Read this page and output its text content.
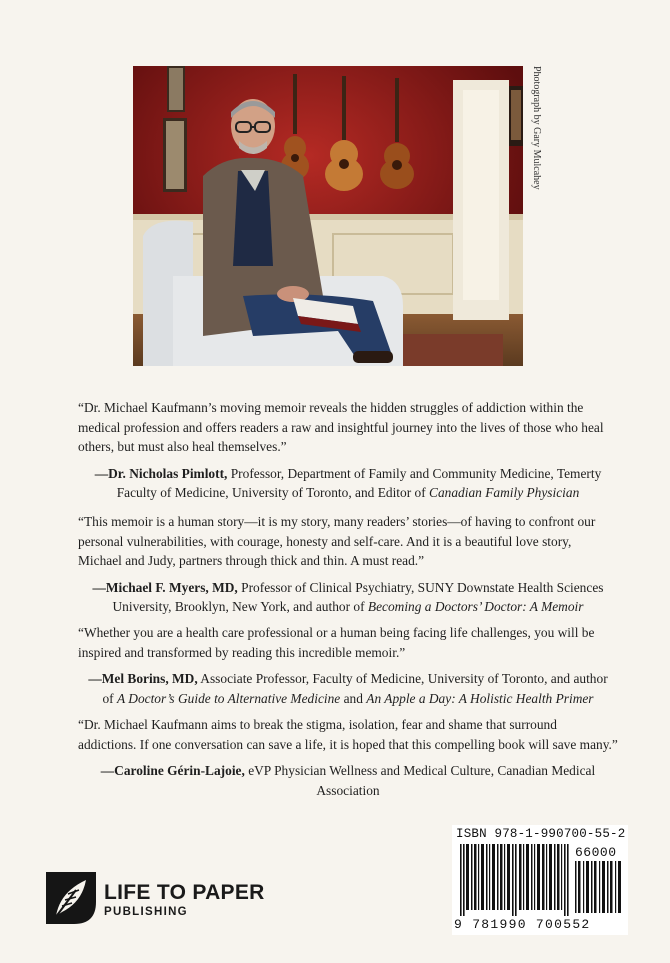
Photograph by Gary Mulcahey

“Dr. Michael Kaufmann’s moving memoir reveals the hidden struggles of addiction within the medical profession and offers readers a raw and insightful journey into the lives of those who heal others, but must also heal themselves.”

—Dr. Nicholas Pimlott, Professor, Department of Family and Community Medicine, Temerty Faculty of Medicine, University of Toronto, and Editor of Canadian Family Physician

“This memoir is a human story—it is my story, many readers’ stories—of having to confront our personal vulnerabilities, with courage, honesty and self-care. And it is a beautiful love story, Michael and Judy, partners through thick and thin. A must read.”

—Michael F. Myers, MD, Professor of Clinical Psychiatry, SUNY Downstate Health Sciences University, Brooklyn, New York, and author of Becoming a Doctors’ Doctor: A Memoir

“Whether you are a health care professional or a human being facing life challenges, you will be inspired and transformed by reading this incredible memoir.”

—Mel Borins, MD, Associate Professor, Faculty of Medicine, University of Toronto, and author of A Doctor’s Guide to Alternative Medicine and An Apple a Day: A Holistic Health Primer

“Dr. Michael Kaufmann aims to break the stigma, isolation, fear and shame that surround addictions. If one conversation can save a life, it is hoped that this compelling book will save many.”

—Caroline Gérin-Lajoie, eVP Physician Wellness and Medical Culture, Canadian Medical Association

LIFE TO PAPER
PUBLISHING
ISBN 978-1-990700-55-2
66000
9 781990 700552
